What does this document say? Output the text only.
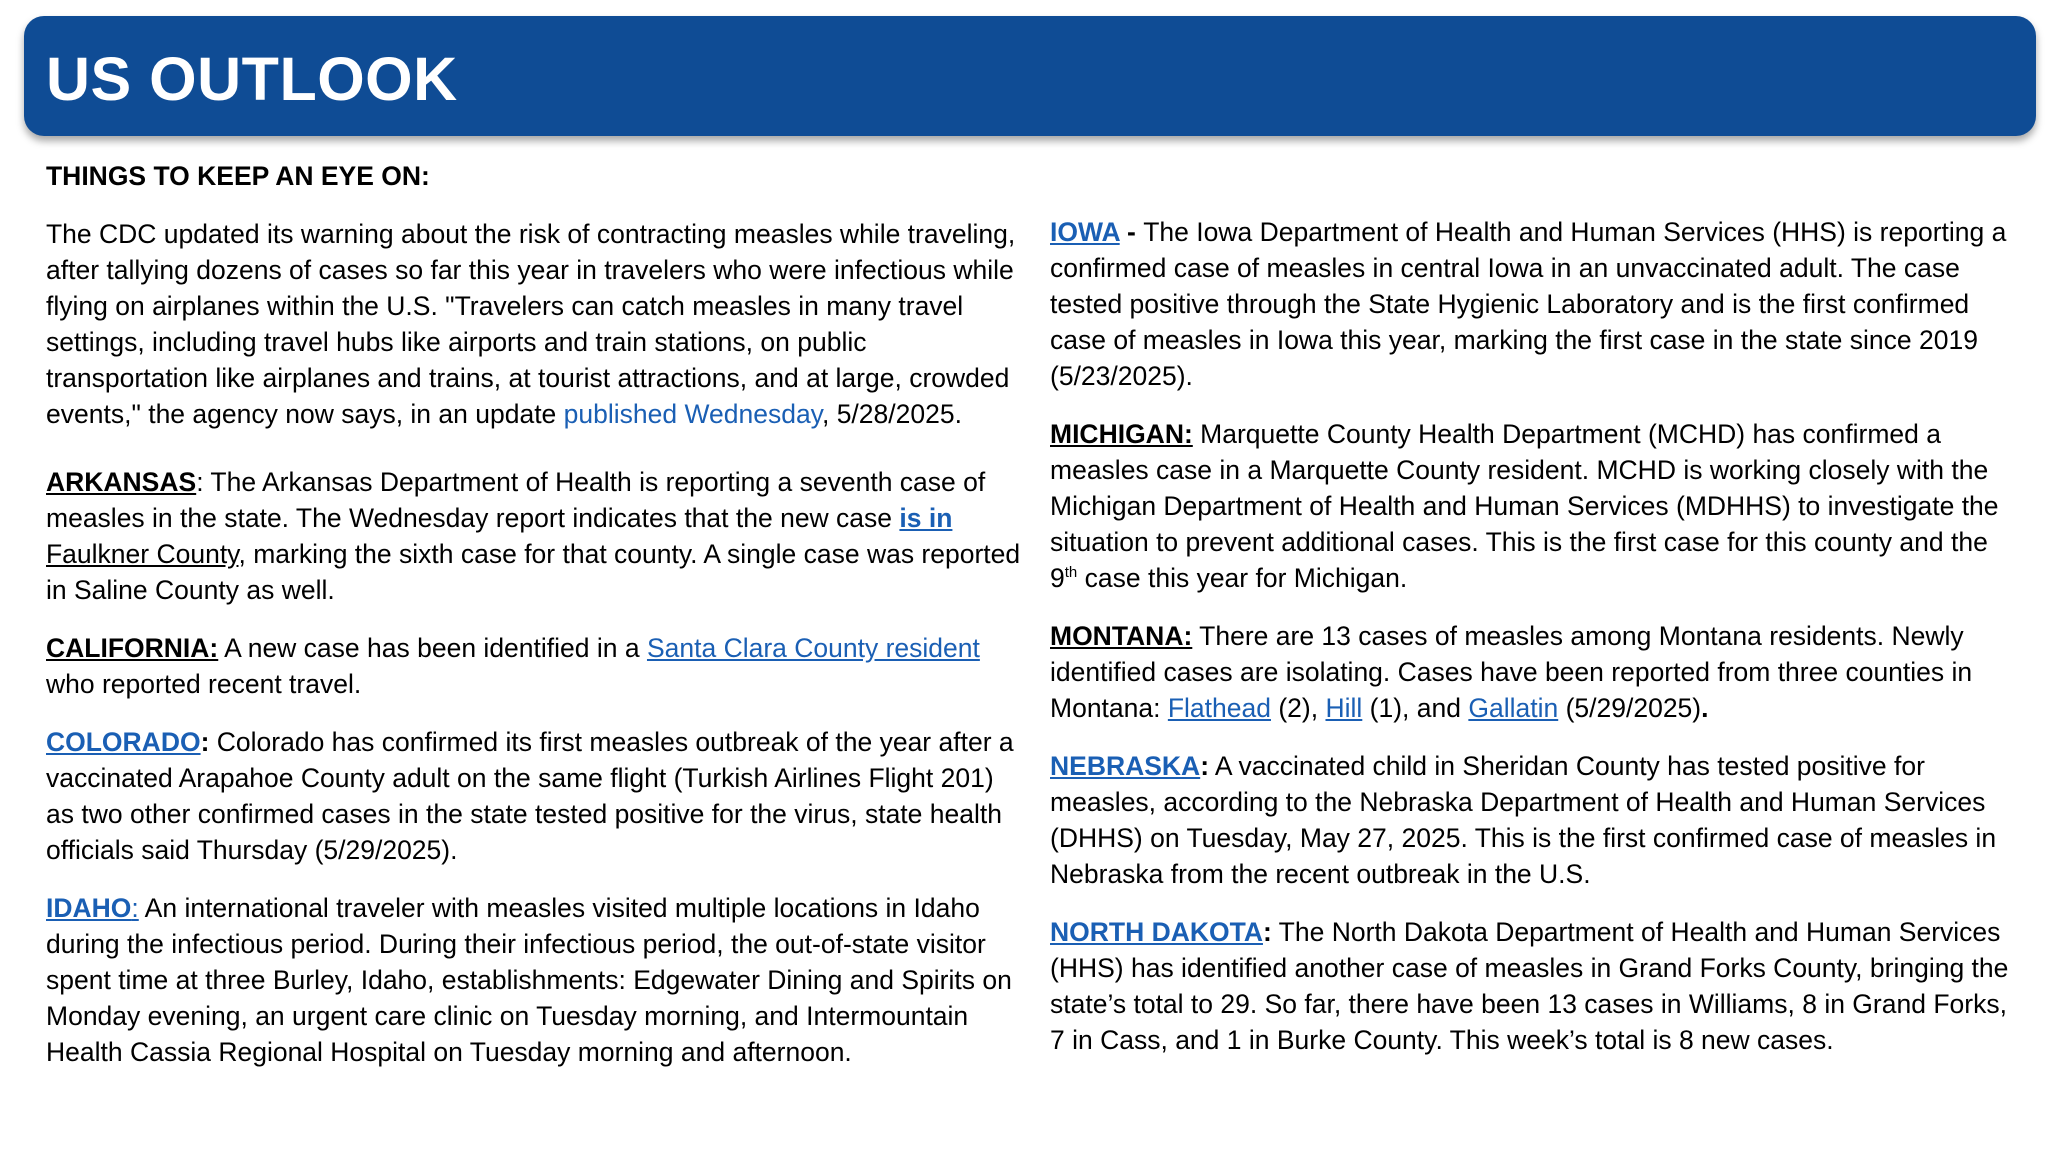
US OUTLOOK

THINGS TO KEEP AN EYE ON:

The CDC updated its warning about the risk of contracting measles while traveling, after tallying dozens of cases so far this year in travelers who were infectious while flying on airplanes within the U.S. "Travelers can catch measles in many travel settings, including travel hubs like airports and train stations, on public transportation like airplanes and trains, at tourist attractions, and at large, crowded events," the agency now says, in an update published Wednesday, 5/28/2025.

ARKANSAS: The Arkansas Department of Health is reporting a seventh case of measles in the state. The Wednesday report indicates that the new case is in
Faulkner County, marking the sixth case for that county. A single case was reported in Saline County as well.

CALIFORNIA: A new case has been identified in a Santa Clara County resident
who reported recent travel.

COLORADO: Colorado has confirmed its first measles outbreak of the year after a vaccinated Arapahoe County adult on the same flight (Turkish Airlines Flight 201) as two other confirmed cases in the state tested positive for the virus, state health officials said Thursday (5/29/2025).

IDAHO: An international traveler with measles visited multiple locations in Idaho during the infectious period. During their infectious period, the out-of-state visitor spent time at three Burley, Idaho, establishments: Edgewater Dining and Spirits on Monday evening, an urgent care clinic on Tuesday morning, and Intermountain Health Cassia Regional Hospital on Tuesday morning and afternoon.

IOWA - The Iowa Department of Health and Human Services (HHS) is reporting a confirmed case of measles in central Iowa in an unvaccinated adult. The case tested positive through the State Hygienic Laboratory and is the first confirmed case of measles in Iowa this year, marking the first case in the state since 2019 (5/23/2025).

MICHIGAN: Marquette County Health Department (MCHD) has confirmed a measles case in a Marquette County resident. MCHD is working closely with the Michigan Department of Health and Human Services (MDHHS) to investigate the situation to prevent additional cases. This is the first case for this county and the 9th case this year for Michigan.

MONTANA: There are 13 cases of measles among Montana residents. Newly identified cases are isolating. Cases have been reported from three counties in Montana: Flathead (2), Hill (1), and Gallatin (5/29/2025).

NEBRASKA: A vaccinated child in Sheridan County has tested positive for measles, according to the Nebraska Department of Health and Human Services (DHHS) on Tuesday, May 27, 2025. This is the first confirmed case of measles in Nebraska from the recent outbreak in the U.S.

NORTH DAKOTA: The North Dakota Department of Health and Human Services (HHS) has identified another case of measles in Grand Forks County, bringing the state’s total to 29. So far, there have been 13 cases in Williams, 8 in Grand Forks, 7 in Cass, and 1 in Burke County. This week’s total is 8 new cases.
